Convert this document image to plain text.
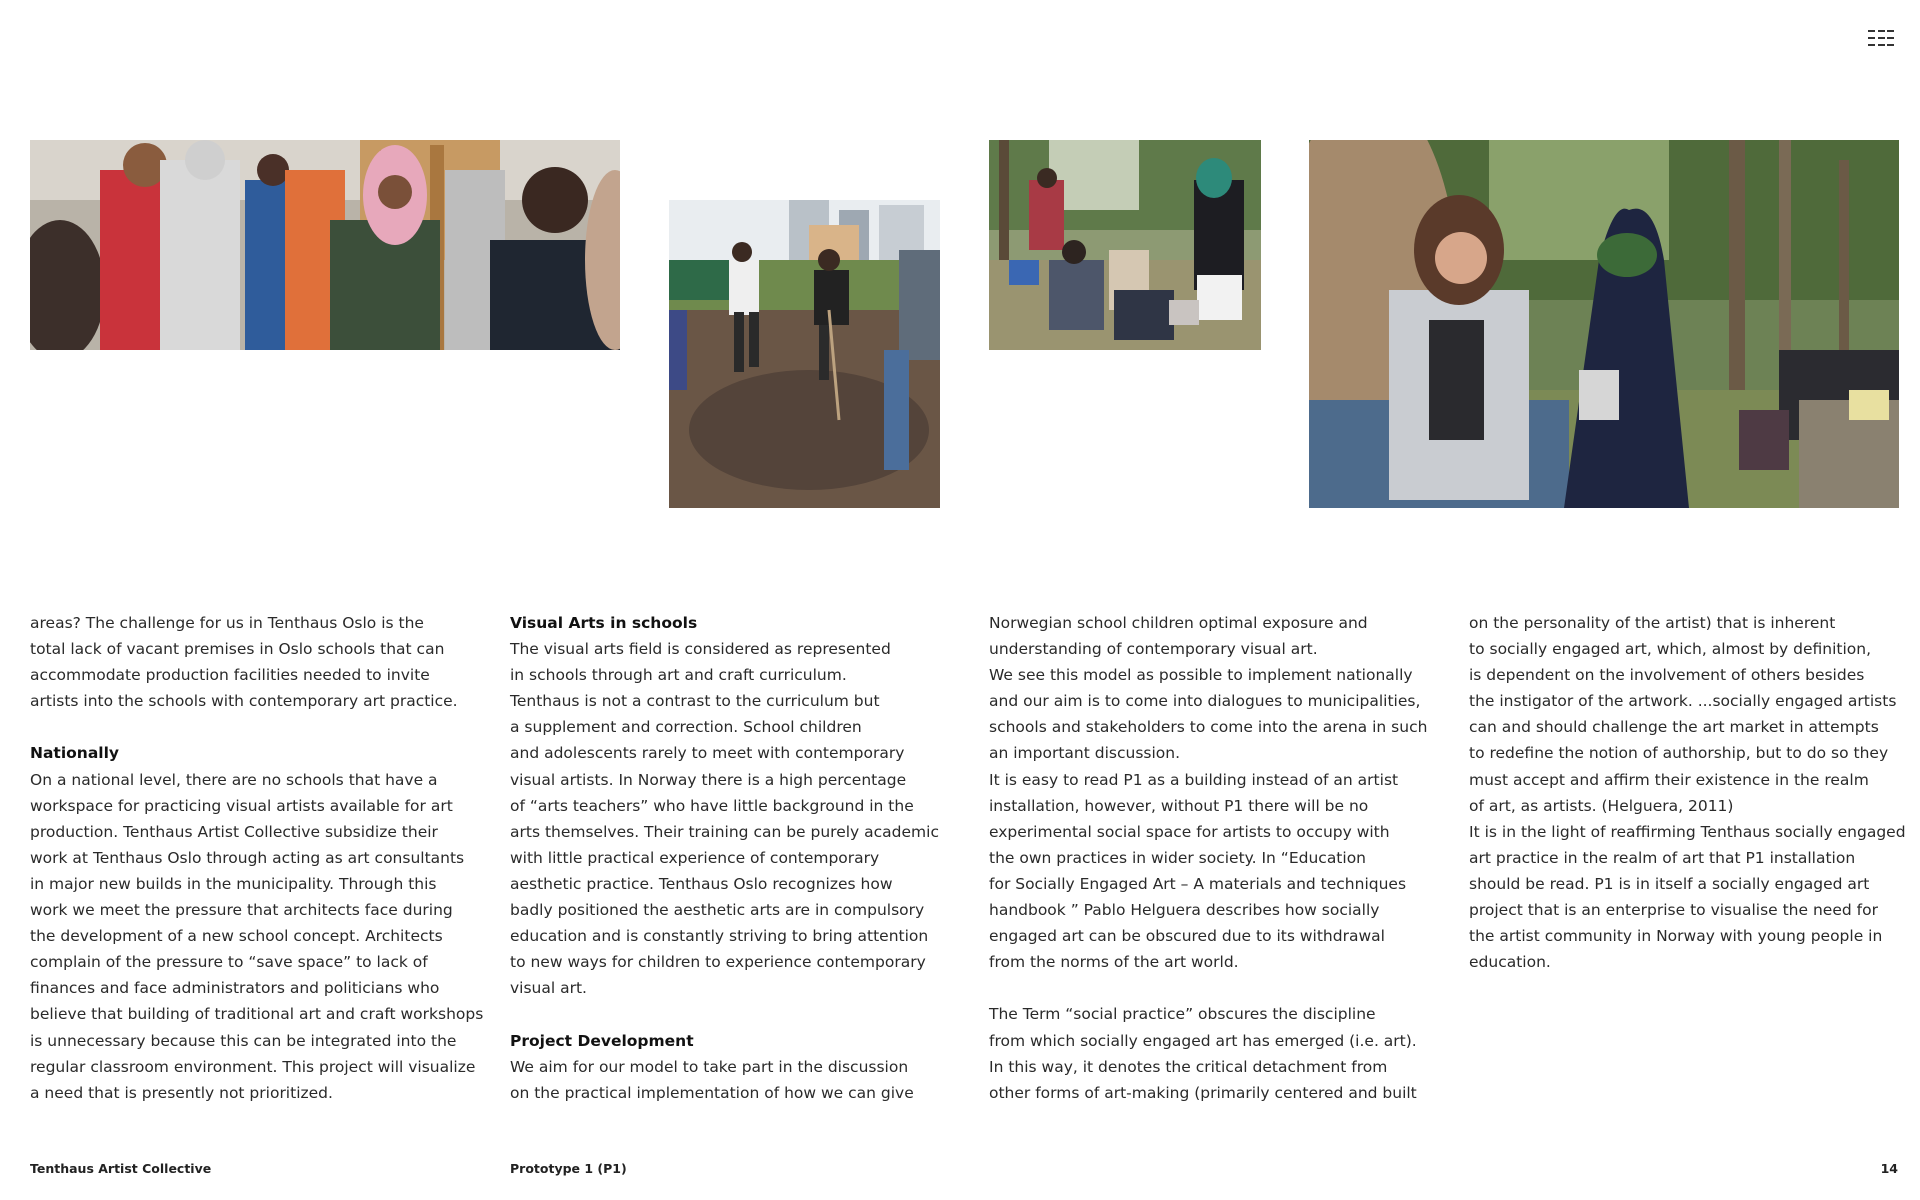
areas? The challenge for us in Tenthaus Oslo is the
total lack of vacant premises in Oslo schools that can
accommodate production facilities needed to invite
artists into the schools with contemporary art practice.
Nationally
On a national level, there are no schools that have a
workspace for practicing visual artists available for art
production. Tenthaus Artist Collective subsidize their
work at Tenthaus Oslo through acting as art consultants
in major new builds in the municipality. Through this
work we meet the pressure that architects face during
the development of a new school concept. Architects
complain of the pressure to “save space” to lack of
finances and face administrators and politicians who
believe that building of traditional art and craft workshops
is unnecessary because this can be integrated into the
regular classroom environment. This project will visualize
a need that is presently not prioritized.
Visual Arts in schools
The visual arts field is considered as represented
in schools through art and craft curriculum.
Tenthaus is not a contrast to the curriculum but
a supplement and correction. School children
and adolescents rarely to meet with contemporary
visual artists. In Norway there is a high percentage
of “arts teachers” who have little background in the
arts themselves. Their training can be purely academic
with little practical experience of contemporary
aesthetic practice. Tenthaus Oslo recognizes how
badly positioned the aesthetic arts are in compulsory
education and is constantly striving to bring attention
to new ways for children to experience contemporary
visual art.
Project Development
We aim for our model to take part in the discussion
on the practical implementation of how we can give
Norwegian school children optimal exposure and
understanding of contemporary visual art.
We see this model as possible to implement nationally
and our aim is to come into dialogues to municipalities,
schools and stakeholders to come into the arena in such
an important discussion.
It is easy to read P1 as a building instead of an artist
installation, however, without P1 there will be no
experimental social space for artists to occupy with
the own practices in wider society. In “Education
for Socially Engaged Art – A materials and techniques
handbook ” Pablo Helguera describes how socially
engaged art can be obscured due to its withdrawal
from the norms of the art world.
The Term “social practice” obscures the discipline
from which socially engaged art has emerged (i.e. art).
In this way, it denotes the critical detachment from
other forms of art-making (primarily centered and built
on the personality of the artist) that is inherent
to socially engaged art, which, almost by definition,
is dependent on the involvement of others besides
the instigator of the artwork. ...socially engaged artists
can and should challenge the art market in attempts
to redefine the notion of authorship, but to do so they
must accept and affirm their existence in the realm
of art, as artists. (Helguera, 2011)
It is in the light of reaffirming Tenthaus socially engaged
art practice in the realm of art that P1 installation
should be read. P1 is in itself a socially engaged art
project that is an enterprise to visualise the need for
the artist community in Norway with young people in
education.
Tenthaus Artist Collective	Prototype 1 (P1)	14
